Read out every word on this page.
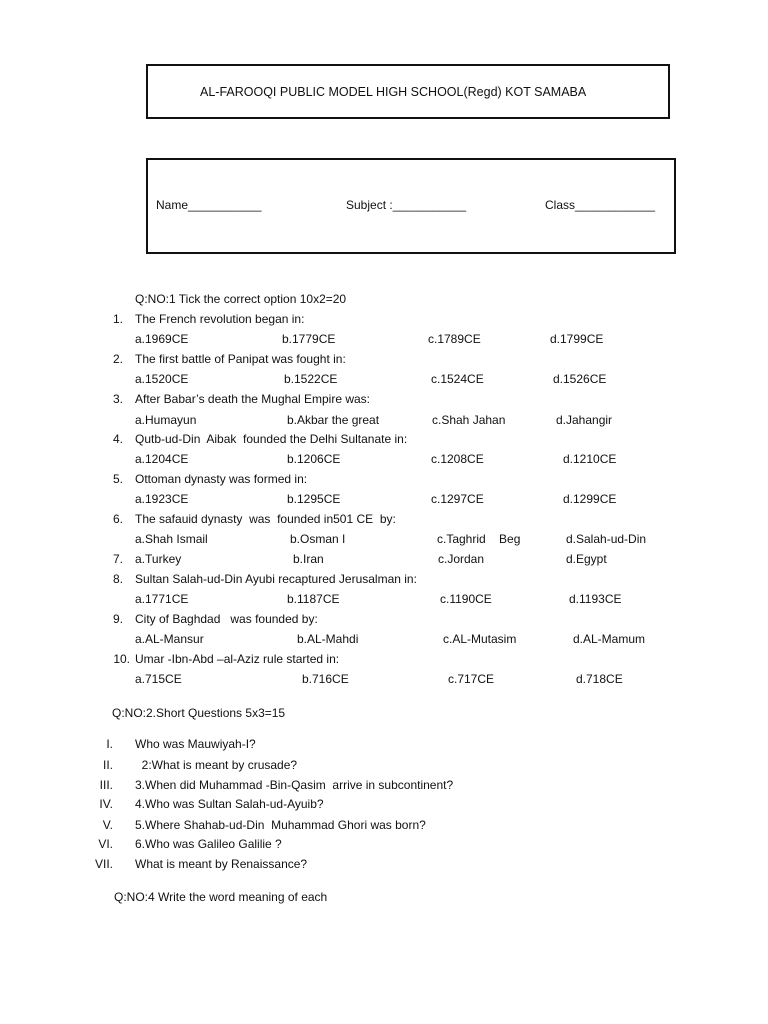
AL-FAROOQI PUBLIC MODEL HIGH SCHOOL(Regd) KOT SAMABA
Name___________	Subject :___________	Class____________
Q:NO:1 Tick the correct option 10x2=20
1. The French revolution began in:
a.1969CE	b.1779CE	c.1789CE	d.1799CE
2. The first battle of Panipat was fought in:
a.1520CE	b.1522CE	c.1524CE	d.1526CE
3. After Babar’s death the Mughal Empire was:
a.Humayun	b.Akbar the great	c.Shah Jahan	d.Jahangir
4. Qutb-ud-Din  Aibak  founded the Delhi Sultanate in:
a.1204CE	b.1206CE	c.1208CE	d.1210CE
5. Ottoman dynasty was formed in:
a.1923CE	b.1295CE	c.1297CE	d.1299CE
6. The safauid dynasty  was  founded in501 CE  by:
a.Shah Ismail	b.Osman I	c.Taghrid    Beg	d.Salah-ud-Din
7. a.Turkey	b.Iran	c.Jordan	d.Egypt
8. Sultan Salah-ud-Din Ayubi recaptured Jerusalman in:
a.1771CE	b.1187CE	c.1190CE	d.1193CE
9. City of Baghdad   was founded by:
a.AL-Mansur	b.AL-Mahdi	c.AL-Mutasim	d.AL-Mamum
10. Umar -Ibn-Abd –al-Aziz rule started in:
a.715CE	b.716CE	c.717CE	d.718CE
Q:NO:2.Short Questions 5x3=15
I. Who was Mauwiyah-I?
II. 2:What is meant by crusade?
III. 3.When did Muhammad -Bin-Qasim  arrive in subcontinent?
IV. 4.Who was Sultan Salah-ud-Ayuib?
V. 5.Where Shahab-ud-Din  Muhammad Ghori was born?
VI. 6.Who was Galileo Galilie ?
VII. What is meant by Renaissance?
Q:NO:4 Write the word meaning of each
